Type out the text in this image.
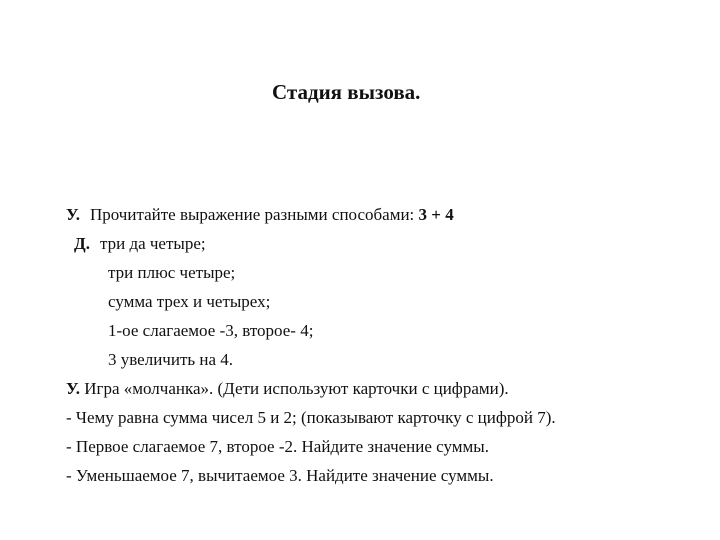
Стадия вызова.
У. Прочитайте выражение разными способами: 3 + 4
Д. три да четыре;
три плюс четыре;
сумма трех и четырех;
1-ое слагаемое -3, второе- 4;
3 увеличить на 4.
У. Игра «молчанка». (Дети используют карточки с цифрами).
- Чему равна сумма чисел 5 и 2; (показывают карточку с цифрой 7).
- Первое слагаемое 7, второе -2. Найдите значение суммы.
- Уменьшаемое 7, вычитаемое 3. Найдите значение суммы.
